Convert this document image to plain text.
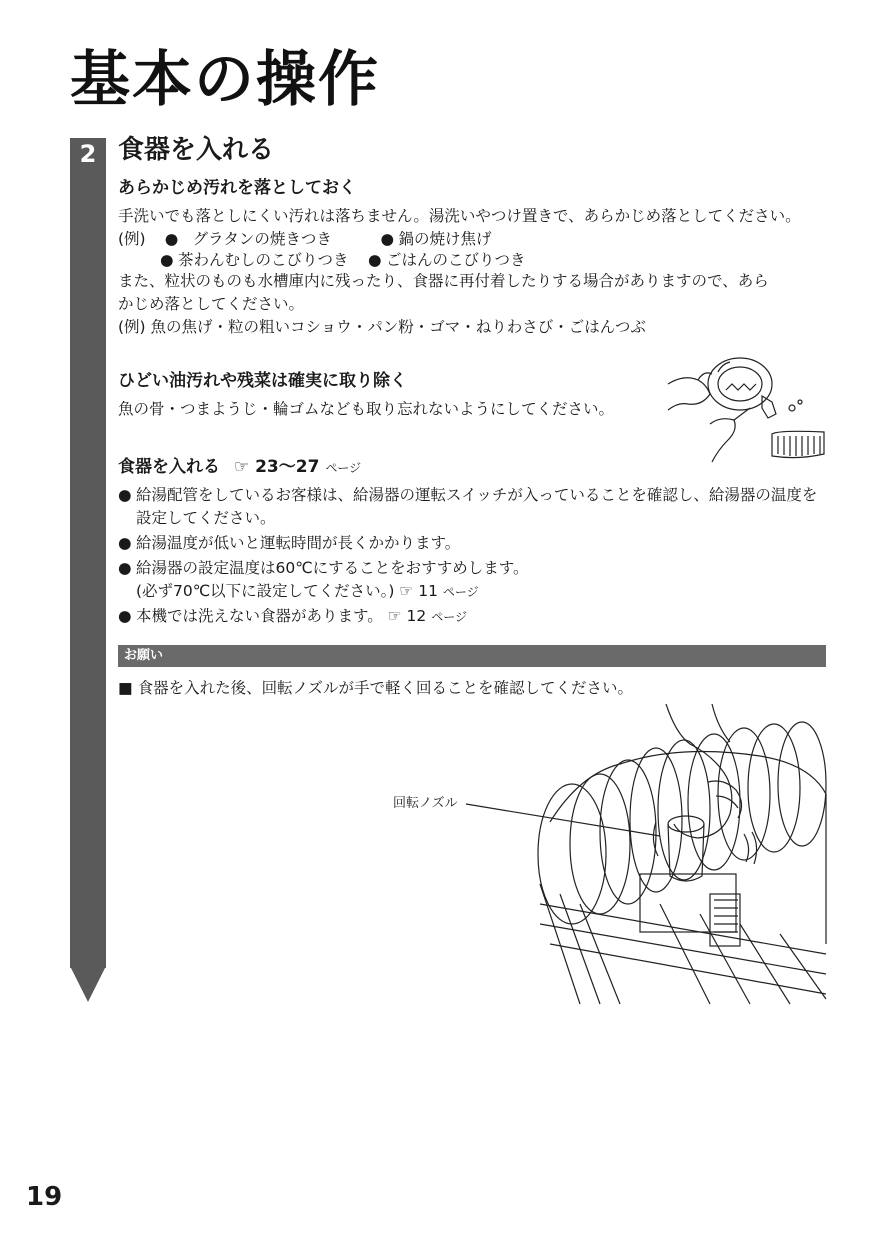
基本の操作
2 食器を入れる
あらかじめ汚れを落としておく
手洗いでも落としにくい汚れは落ちません。湯洗いやつけ置きで、あらかじめ落としてください。
(例) ● グラタンの焼きつき	● 鍋の焼け焦げ
● 茶わんむしのこびりつき ● ごはんのこびりつき
また、粒状のものも水槽庫内に残ったり、食器に再付着したりする場合がありますので、あら
かじめ落としてください。
(例) 魚の焦げ・粒の粗いコショウ・パン粉・ゴマ・ねりわさび・ごはんつぶ
ひどい油汚れや残菜は確実に取り除く
魚の骨・つまようじ・輪ゴムなども取り忘れないようにしてください。
食器を入れる ☞ 23～27 ページ
● 給湯配管をしているお客様は、給湯器の運転スイッチが入っていることを確認し、給湯器の温度を設定してください。
● 給湯温度が低いと運転時間が長くかかります。
● 給湯器の設定温度は60℃にすることをおすすめします。
(必ず70℃以下に設定してください。) ☞ 11 ページ
● 本機では洗えない食器があります。 ☞ 12 ページ
お願い
■ 食器を入れた後、回転ノズルが手で軽く回ることを確認してください。
回転ノズル
19
